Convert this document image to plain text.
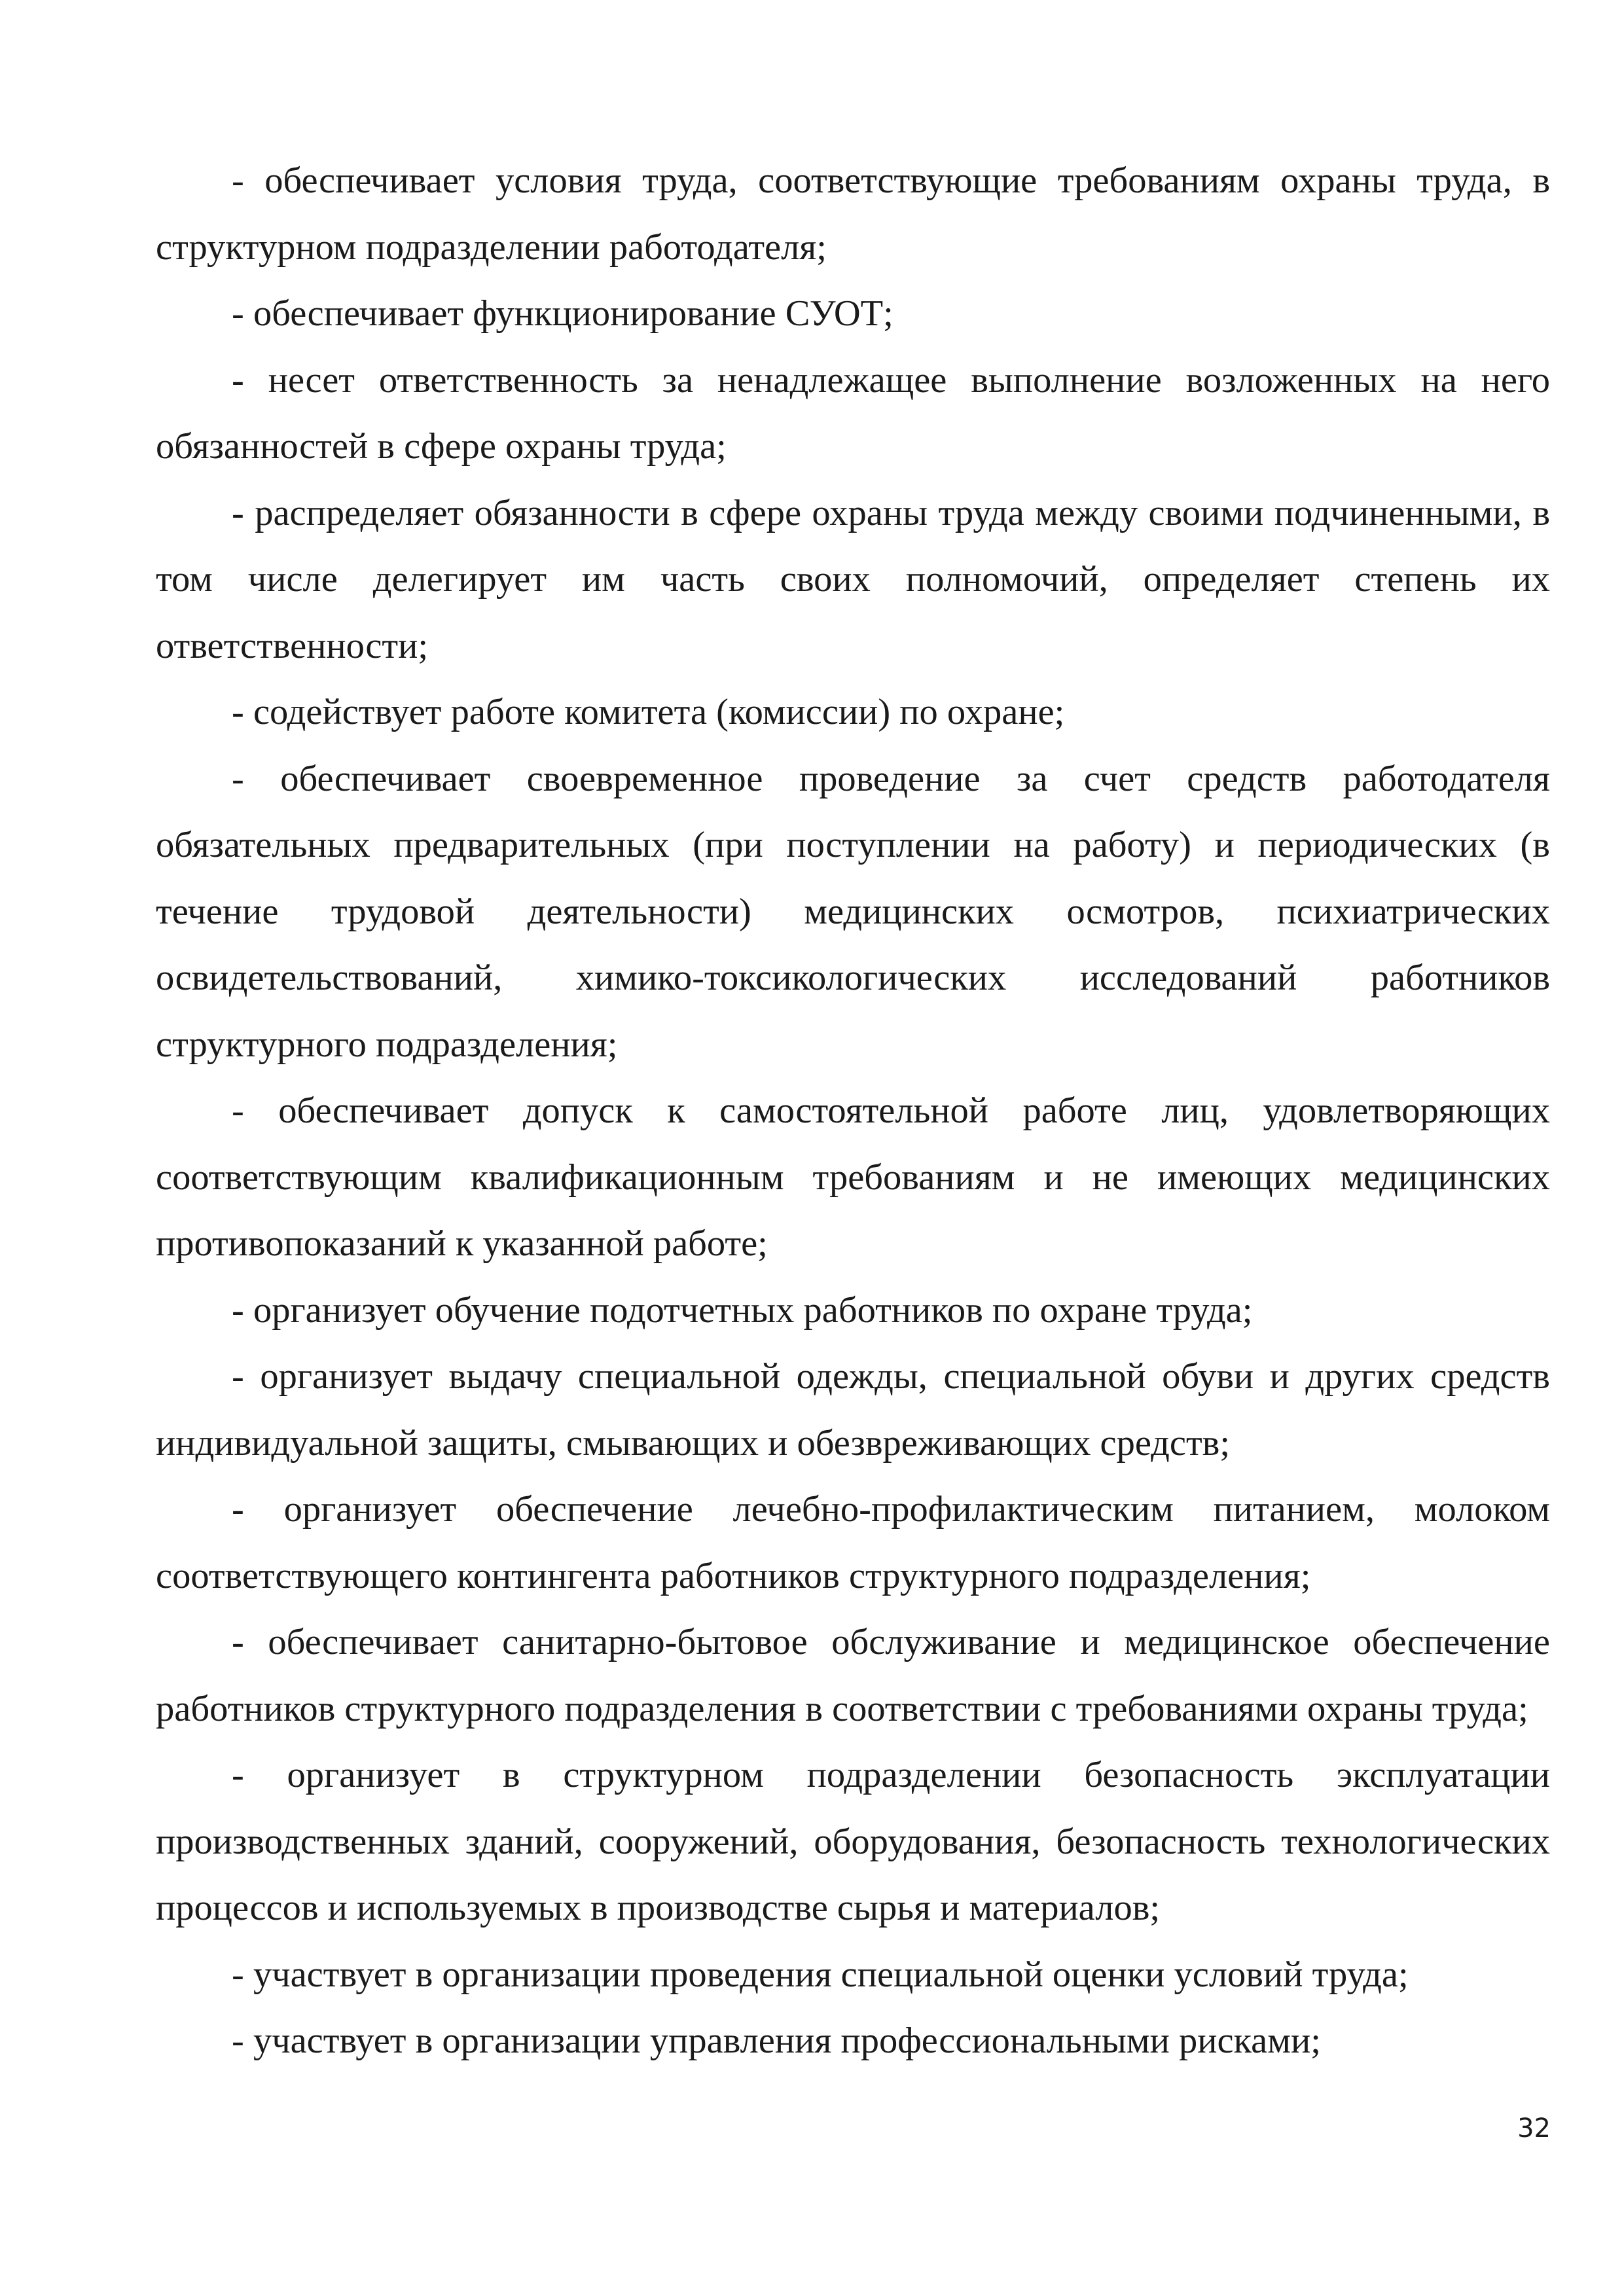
- обеспечивает условия труда, соответствующие требованиям охраны труда, в структурном подразделении работодателя;

- обеспечивает функционирование СУОТ;

- несет ответственность за ненадлежащее выполнение возложенных на него обязанностей в сфере охраны труда;

- распределяет обязанности в сфере охраны труда между своими подчиненными, в том числе делегирует им часть своих полномочий, определяет степень их ответственности;

- содействует работе комитета (комиссии) по охране;

- обеспечивает своевременное проведение за счет средств работодателя обязательных предварительных (при поступлении на работу) и периодических (в течение трудовой деятельности) медицинских осмотров, психиатрических освидетельствований, химико-токсикологических исследований работников структурного подразделения;

- обеспечивает допуск к самостоятельной работе лиц, удовлетворяющих соответствующим квалификационным требованиям и не имеющих медицинских противопоказаний к указанной работе;

- организует обучение подотчетных работников по охране труда;

- организует выдачу специальной одежды, специальной обуви и других средств индивидуальной защиты, смывающих и обезвреживающих средств;

- организует обеспечение лечебно-профилактическим питанием, молоком соответствующего контингента работников структурного подразделения;

- обеспечивает санитарно-бытовое обслуживание и медицинское обеспечение работников структурного подразделения в соответствии с требованиями охраны труда;

- организует в структурном подразделении безопасность эксплуатации производственных зданий, сооружений, оборудования, безопасность технологических процессов и используемых в производстве сырья и материалов;

- участвует в организации проведения специальной оценки условий труда;

- участвует в организации управления профессиональными рисками;

32
